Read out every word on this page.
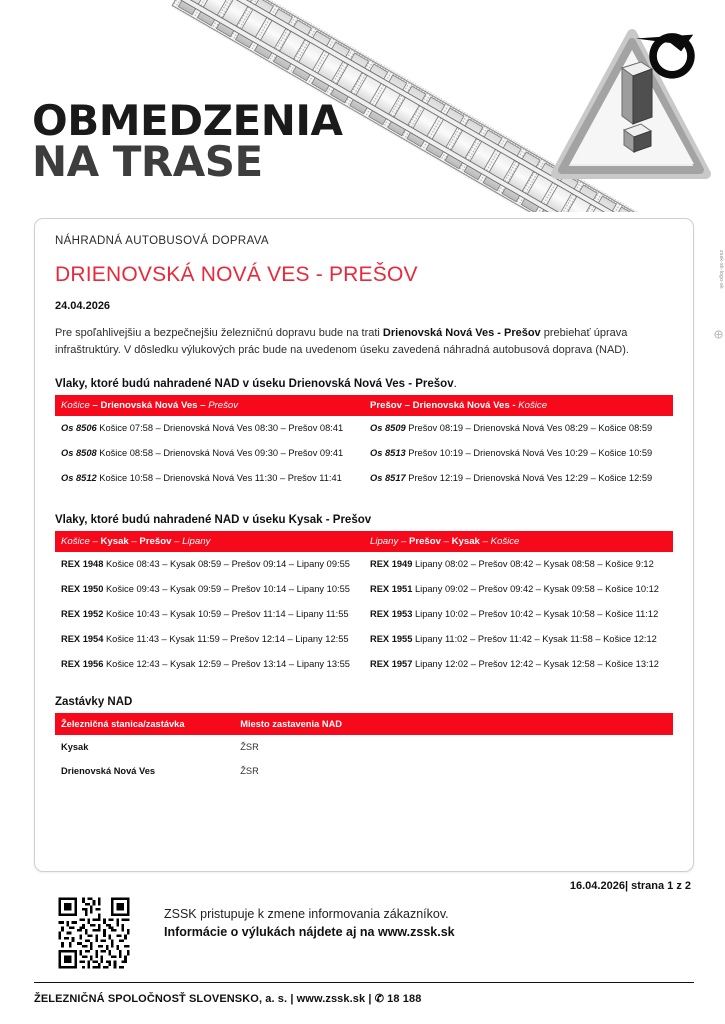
OBMEDZENIA
NA TRASE
NÁHRADNÁ AUTOBUSOVÁ DOPRAVA
DRIENOVSKÁ NOVÁ VES - PREŠOV
24.04.2026
Pre spoľahlivejšiu a bezpečnejšiu železničnú dopravu bude na trati Drienovská Nová Ves - Prešov prebiehať úprava infraštruktúry. V dôsledku výlukových prác bude na uvedenom úseku zavedená náhradná autobusová doprava (NAD).
Vlaky, ktoré budú nahradené NAD v úseku Drienovská Nová Ves - Prešov.
Košice – Drienovská Nová Ves – Prešov	Prešov – Drienovská Nová Ves - Košice
Os 8506 Košice 07:58 – Drienovská Nová Ves 08:30 – Prešov 08:41	Os 8509 Prešov 08:19 – Drienovská Nová Ves 08:29 – Košice 08:59
Os 8508 Košice 08:58 – Drienovská Nová Ves 09:30 – Prešov 09:41	Os 8513 Prešov 10:19 – Drienovská Nová Ves 10:29 – Košice 10:59
Os 8512 Košice 10:58 – Drienovská Nová Ves 11:30 – Prešov 11:41	Os 8517 Prešov 12:19 – Drienovská Nová Ves 12:29 – Košice 12:59
Vlaky, ktoré budú nahradené NAD v úseku Kysak - Prešov
Košice – Kysak – Prešov – Lipany	Lipany – Prešov – Kysak – Košice
REX 1948 Košice 08:43 – Kysak 08:59 – Prešov 09:14 – Lipany 09:55	REX 1949 Lipany 08:02 – Prešov 08:42 – Kysak 08:58 – Košice 9:12
REX 1950 Košice 09:43 – Kysak 09:59 – Prešov 10:14 – Lipany 10:55	REX 1951 Lipany 09:02 – Prešov 09:42 – Kysak 09:58 – Košice 10:12
REX 1952 Košice 10:43 – Kysak 10:59 – Prešov 11:14 – Lipany 11:55	REX 1953 Lipany 10:02 – Prešov 10:42 – Kysak 10:58 – Košice 11:12
REX 1954 Košice 11:43 – Kysak 11:59 – Prešov 12:14 – Lipany 12:55	REX 1955 Lipany 11:02 – Prešov 11:42 – Kysak 11:58 – Košice 12:12
REX 1956 Košice 12:43 – Kysak 12:59 – Prešov 13:14 – Lipany 13:55	REX 1957 Lipany 12:02 – Prešov 12:42 – Kysak 12:58 – Košice 13:12
Zastávky NAD
Železničná stanica/zastávka	Miesto zastavenia NAD
Kysak	ŽSR
Drienovská Nová Ves	ŽSR
16.04.2026| strana 1 z 2
ZSSK pristupuje k zmene informovania zákazníkov.
Informácie o výlukách nájdete aj na www.zssk.sk
ŽELEZNIČNÁ SPOLOČNOSŤ SLOVENSKO, a. s. | www.zssk.sk | ✆ 18 188
zssk-sk-logo-sk
